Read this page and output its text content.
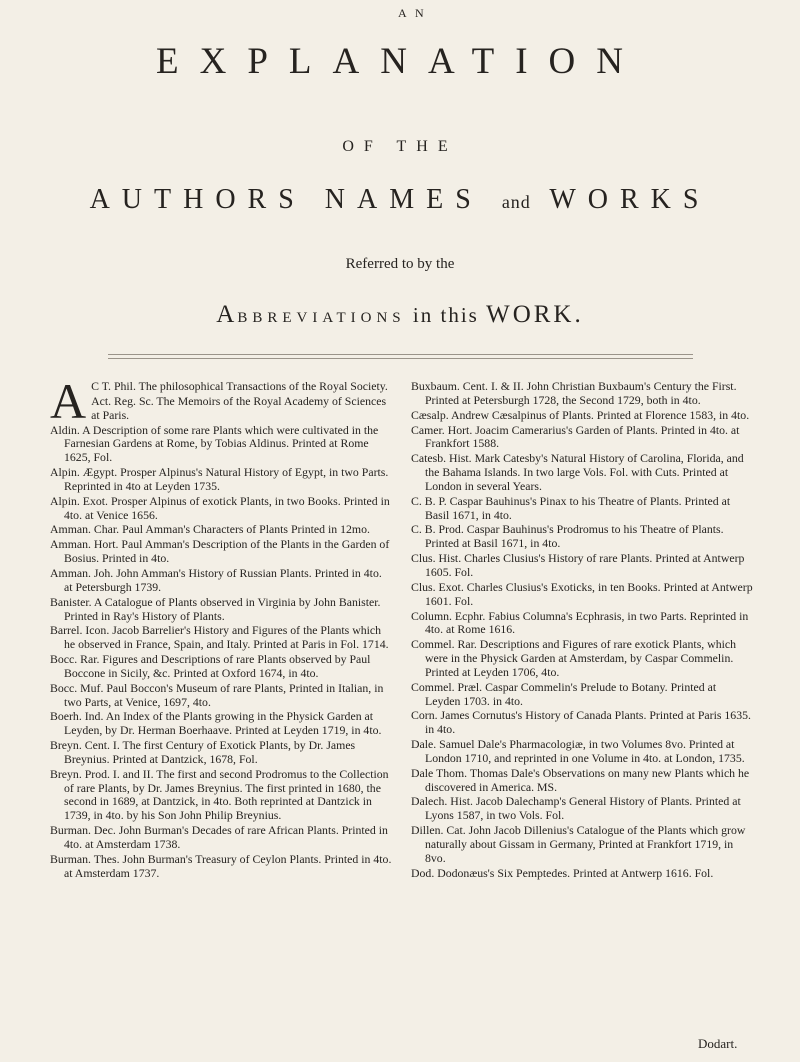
A N
EXPLANATION
OF THE
AUTHORS NAMES and WORKS
Referred to by the
ABBREVIATIONS in this WORK.
A C T. Phil. The philosophical Transactions of the Royal Society.
Act. Reg. Sc. The Memoirs of the Royal Academy of Sciences at Paris.
Aldin. A Description of some rare Plants which were cultivated in the Farnesian Gardens at Rome, by Tobias Aldinus. Printed at Rome 1625, Fol.
Alpin. Ægypt. Prosper Alpinus's Natural History of Egypt, in two Parts. Reprinted in 4to at Leyden 1735.
Alpin. Exot. Prosper Alpinus of exotick Plants, in two Books. Printed in 4to. at Venice 1656.
Amman. Char. Paul Amman's Characters of Plants Printed in 12mo.
Amman. Hort. Paul Amman's Description of the Plants in the Garden of Bosius. Printed in 4to.
Amman. Joh. John Amman's History of Russian Plants. Printed in 4to. at Petersburgh 1739.
Banister. A Catalogue of Plants observed in Virginia by John Banister. Printed in Ray's History of Plants.
Barrel. Icon. Jacob Barrelier's History and Figures of the Plants which he observed in France, Spain, and Italy. Printed at Paris in Fol. 1714.
Bocc. Rar. Figures and Descriptions of rare Plants observed by Paul Boccone in Sicily, &c. Printed at Oxford 1674, in 4to.
Bocc. Muf. Paul Boccon's Museum of rare Plants, Printed in Italian, in two Parts, at Venice, 1697, 4to.
Boerh. Ind. An Index of the Plants growing in the Physick Garden at Leyden, by Dr. Herman Boerhaave. Printed at Leyden 1719, in 4to.
Breyn. Cent. I. The first Century of Exotick Plants, by Dr. James Breynius. Printed at Dantzick, 1678, Fol.
Breyn. Prod. I. and II. The first and second Prodromus to the Collection of rare Plants, by Dr. James Breynius. The first printed in 1680, the second in 1689, at Dantzick, in 4to. Both reprinted at Dantzick in 1739, in 4to. by his Son John Philip Breynius.
Burman. Dec. John Burman's Decades of rare African Plants. Printed in 4to. at Amsterdam 1738.
Burman. Thes. John Burman's Treasury of Ceylon Plants. Printed in 4to. at Amsterdam 1737.
Buxbaum. Cent. I. & II. John Christian Buxbaum's Century the First. Printed at Petersburgh 1728, the Second 1729, both in 4to.
Cæsalp. Andrew Cæsalpinus of Plants. Printed at Florence 1583, in 4to.
Camer. Hort. Joacim Camerarius's Garden of Plants. Printed in 4to. at Frankfort 1588.
Catesb. Hist. Mark Catesby's Natural History of Carolina, Florida, and the Bahama Islands. In two large Vols. Fol. with Cuts. Printed at London in several Years.
C. B. P. Caspar Bauhinus's Pinax to his Theatre of Plants. Printed at Basil 1671, in 4to.
C. B. Prod. Caspar Bauhinus's Prodromus to his Theatre of Plants. Printed at Basil 1671, in 4to.
Clus. Hist. Charles Clusius's History of rare Plants. Printed at Antwerp 1605. Fol.
Clus. Exot. Charles Clusius's Exoticks, in ten Books. Printed at Antwerp 1601. Fol.
Column. Ecphr. Fabius Columna's Ecphrasis, in two Parts. Reprinted in 4to. at Rome 1616.
Commel. Rar. Descriptions and Figures of rare exotick Plants, which were in the Physick Garden at Amsterdam, by Caspar Commelin. Printed at Leyden 1706, 4to.
Commel. Præl. Caspar Commelin's Prelude to Botany. Printed at Leyden 1703. in 4to.
Corn. James Cornutus's History of Canada Plants. Printed at Paris 1635. in 4to.
Dale. Samuel Dale's Pharmacologiæ, in two Volumes 8vo. Printed at London 1710, and reprinted in one Volume in 4to. at London, 1735.
Dale Thom. Thomas Dale's Observations on many new Plants which he discovered in America. MS.
Dalech. Hist. Jacob Dalechamp's General History of Plants. Printed at Lyons 1587, in two Vols. Fol.
Dillen. Cat. John Jacob Dillenius's Catalogue of the Plants which grow naturally about Gissam in Germany, Printed at Frankfort 1719, in 8vo.
Dod. Dodonæus's Six Pemptedes. Printed at Antwerp 1616. Fol.
Dodart.
